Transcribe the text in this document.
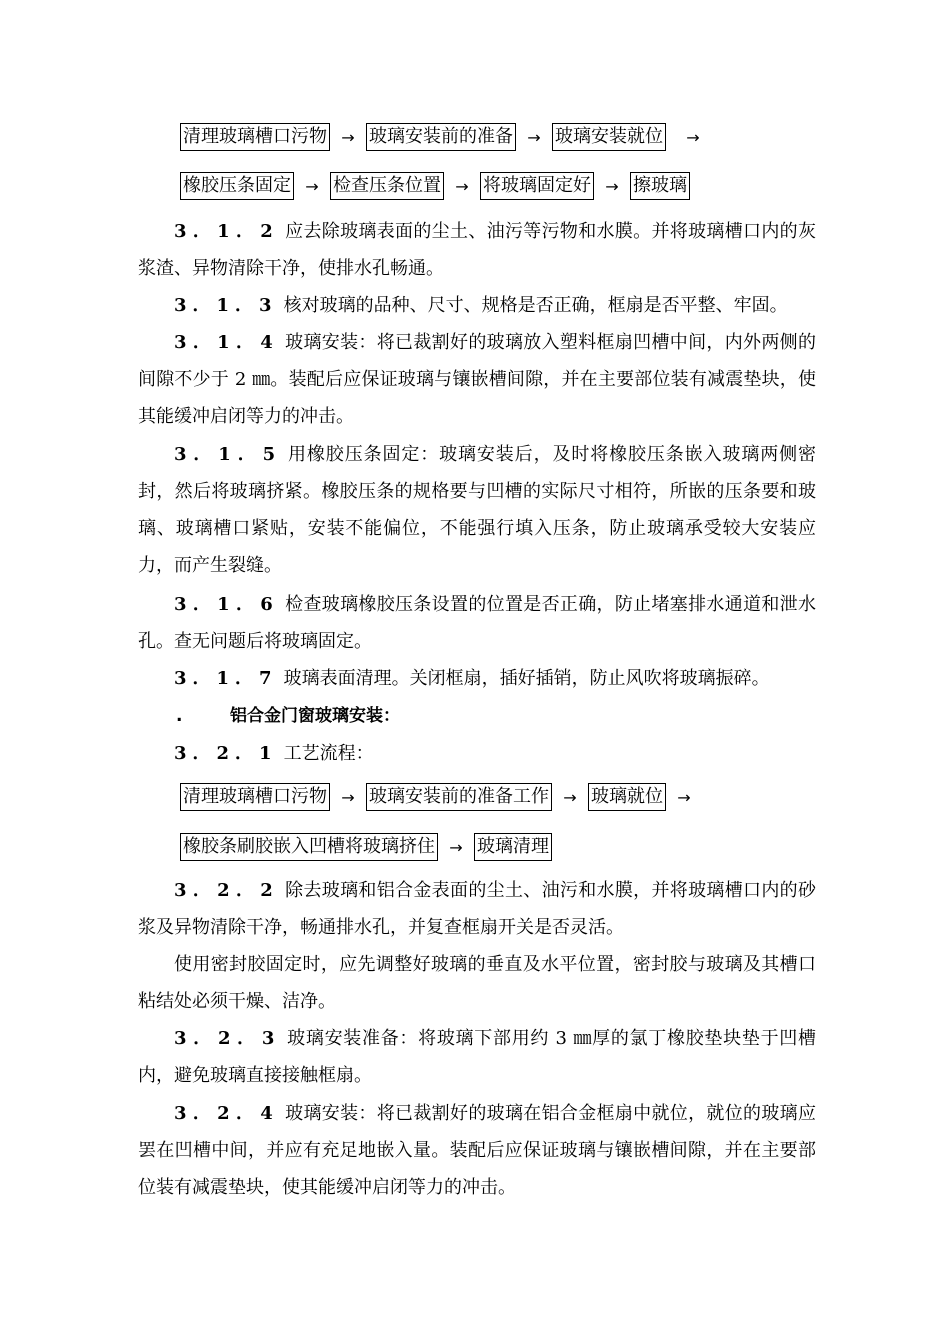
清理玻璃槽口污物 → 玻璃安装前的准备 → 玻璃安装就位	→
橡胶压条固定 → 检查压条位置 → 将玻璃固定好 → 擦玻璃
3．1．2 应去除玻璃表面的尘土、油污等污物和水膜。并将玻璃槽口内的灰浆渣、异物清除干净，使排水孔畅通。
3．1．3 核对玻璃的品种、尺寸、规格是否正确，框扇是否平整、牢固。
3．1．4 玻璃安装：将已裁割好的玻璃放入塑料框扇凹槽中间，内外两侧的间隙不少于 2 ㎜。装配后应保证玻璃与镶嵌槽间隙，并在主要部位装有减震垫块，使其能缓冲启闭等力的冲击。
3．1．5 用橡胶压条固定：玻璃安装后，及时将橡胶压条嵌入玻璃两侧密封，然后将玻璃挤紧。橡胶压条的规格要与凹槽的实际尺寸相符，所嵌的压条要和玻璃、玻璃槽口紧贴，安装不能偏位，不能强行填入压条，防止玻璃承受较大安装应力，而产生裂缝。
3．1．6 检查玻璃橡胶压条设置的位置是否正确，防止堵塞排水通道和泄水孔。查无问题后将玻璃固定。
3．1．7 玻璃表面清理。关闭框扇，插好插销，防止风吹将玻璃振碎。
.	铝合金门窗玻璃安装：
3．2．1 工艺流程：
清理玻璃槽口污物 → 玻璃安装前的准备工作 → 玻璃就位 →
橡胶条刷胶嵌入凹槽将玻璃挤住 → 玻璃清理
3．2．2 除去玻璃和铝合金表面的尘土、油污和水膜，并将玻璃槽口内的砂浆及异物清除干净，畅通排水孔，并复查框扇开关是否灵活。
使用密封胶固定时，应先调整好玻璃的垂直及水平位置，密封胶与玻璃及其槽口粘结处必须干燥、洁净。
3．2．3 玻璃安装准备：将玻璃下部用约 3 ㎜厚的氯丁橡胶垫块垫于凹槽内，避免玻璃直接接触框扇。
3．2．4 玻璃安装：将已裁割好的玻璃在铝合金框扇中就位，就位的玻璃应罢在凹槽中间，并应有充足地嵌入量。装配后应保证玻璃与镶嵌槽间隙，并在主要部位装有减震垫块，使其能缓冲启闭等力的冲击。
